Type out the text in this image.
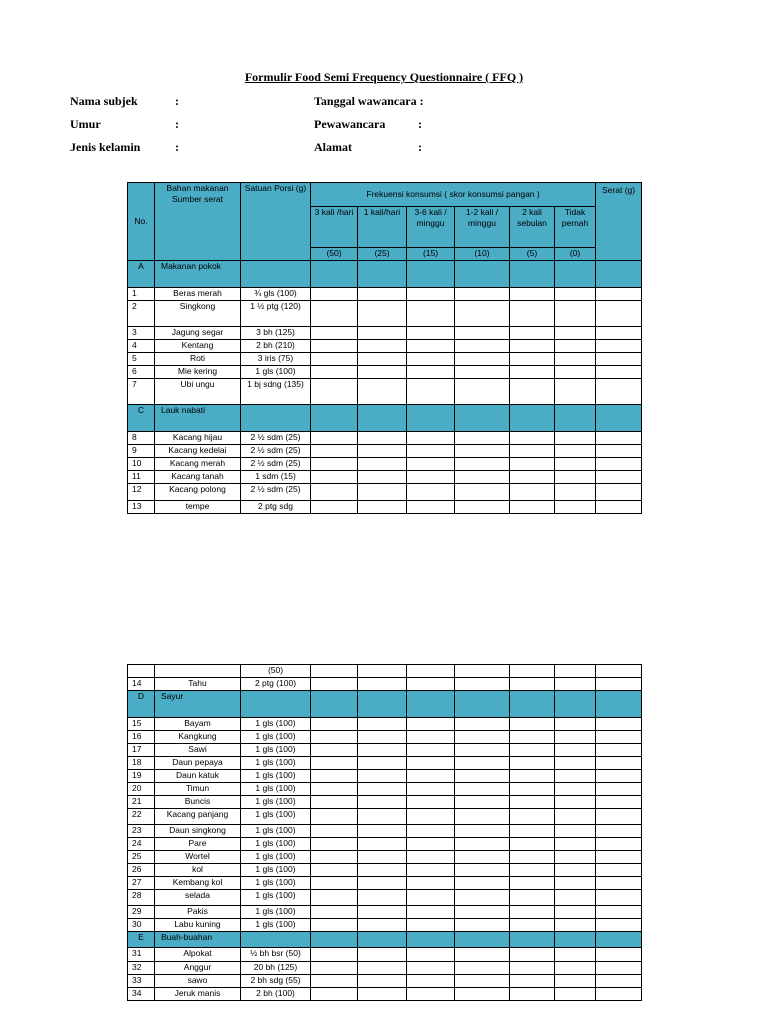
Formulir Food Semi Frequency Questionnaire ( FFQ )
Nama subjek	:
Umur	:
Jenis kelamin	:
Tanggal wawancara :
Pewawancara	:
Alamat	:
No.	Bahan makanan Sumber serat	Satuan Porsi (g)	Frekuensi konsumsi ( skor konsumsi pangan )						Serat (g)
			3 kali /hari	1 kali/hari	3-6 kali / minggu	1-2 kali / minggu	2 kali sebulan	Tidak pernah	
			(50)	(25)	(15)	(10)	(5)	(0)	
A	Makanan pokok								
1	Beras merah	¾ gls (100)							
2	Singkong	1 ½ ptg (120)							
3	Jagung segar	3 bh (125)							
4	Kentang	2 bh (210)							
5	Roti	3 iris (75)							
6	Mie kering	1 gls (100)							
7	Ubi ungu	1 bj sdng (135)							
C	Lauk nabati								
8	Kacang hijau	2 ½ sdm (25)							
9	Kacang kedelai	2 ½ sdm (25)							
10	Kacang merah	2 ½ sdm (25)							
11	Kacang tanah	1 sdm (15)							
12	Kacang polong	2 ½ sdm (25)							
13	tempe	2 ptg sdg							
		(50)							
14	Tahu	2 ptg (100)							
D	Sayur								
15	Bayam	1 gls (100)							
16	Kangkung	1 gls (100)							
17	Sawi	1 gls (100)							
18	Daun pepaya	1 gls (100)							
19	Daun katuk	1 gls (100)							
20	Timun	1 gls (100)							
21	Buncis	1 gls (100)							
22	Kacang panjang	1 gls (100)							
23	Daun singkong	1 gls (100)							
24	Pare	1 gls (100)							
25	Wortel	1 gls (100)							
26	kol	1 gls (100)							
27	Kembang kol	1 gls (100)							
28	selada	1 gls (100)							
29	Pakis	1 gls (100)							
30	Labu kuning	1 gls (100)							
E	Buah-buahan								
31	Alpokat	½ bh bsr (50)							
32	Anggur	20 bh (125)							
33	sawo	2 bh sdg (55)							
34	Jeruk manis	2 bh (100)							
